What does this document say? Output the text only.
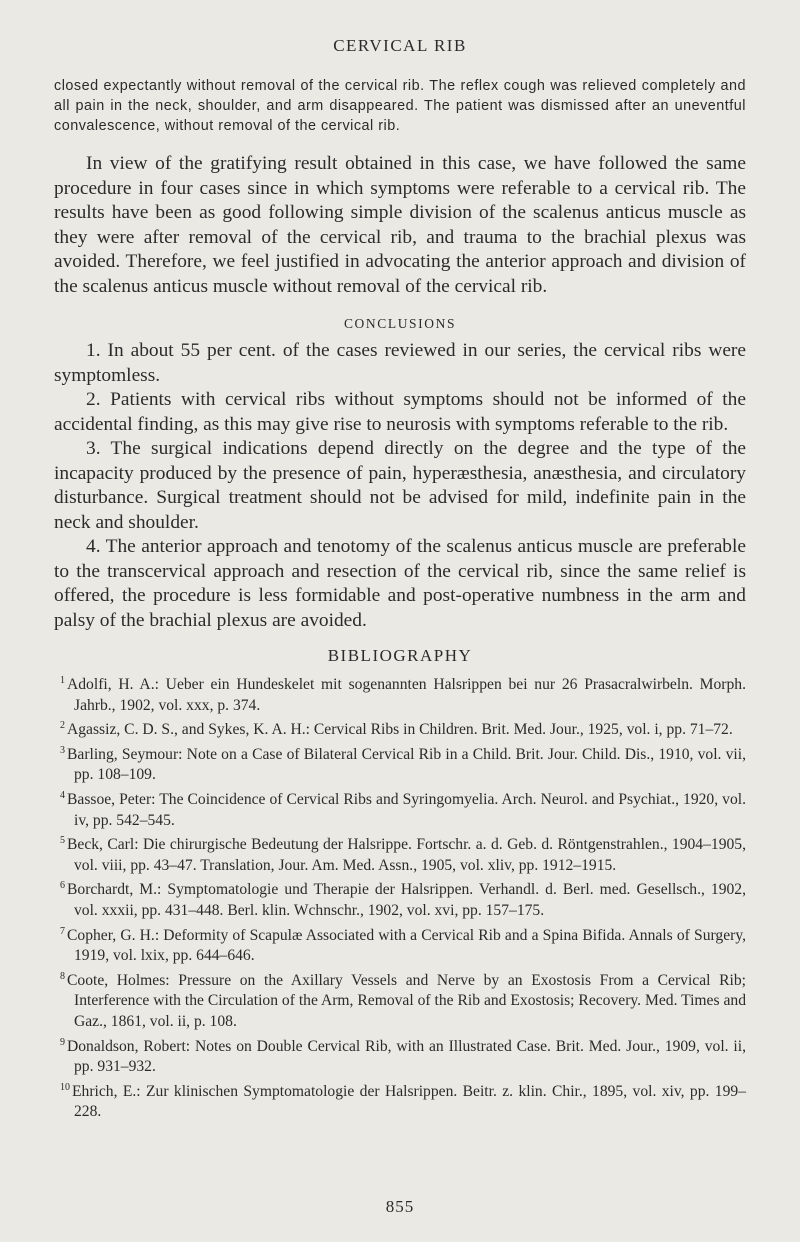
CERVICAL RIB

closed expectantly without removal of the cervical rib. The reflex cough was relieved completely and all pain in the neck, shoulder, and arm disappeared. The patient was dismissed after an uneventful convalescence, without removal of the cervical rib.

In view of the gratifying result obtained in this case, we have followed the same procedure in four cases since in which symptoms were referable to a cervical rib. The results have been as good following simple division of the scalenus anticus muscle as they were after removal of the cervical rib, and trauma to the brachial plexus was avoided. Therefore, we feel justified in advocating the anterior approach and division of the scalenus anticus muscle without removal of the cervical rib.

CONCLUSIONS

1. In about 55 per cent. of the cases reviewed in our series, the cervical ribs were symptomless.

2. Patients with cervical ribs without symptoms should not be informed of the accidental finding, as this may give rise to neurosis with symptoms referable to the rib.

3. The surgical indications depend directly on the degree and the type of the incapacity produced by the presence of pain, hyperæsthesia, anæsthesia, and circulatory disturbance. Surgical treatment should not be advised for mild, indefinite pain in the neck and shoulder.

4. The anterior approach and tenotomy of the scalenus anticus muscle are preferable to the transcervical approach and resection of the cervical rib, since the same relief is offered, the procedure is less formidable and post-operative numbness in the arm and palsy of the brachial plexus are avoided.

BIBLIOGRAPHY
$^1$ Adolfi, H. A.: Ueber ein Hundeskelet mit sogenannten Halsrippen bei nur 26 Prasacralwirbeln. Morph. Jahrb., 1902, vol. xxx, p. 374.
$^2$ Agassiz, C. D. S., and Sykes, K. A. H.: Cervical Ribs in Children. Brit. Med. Jour., 1925, vol. i, pp. 71–72.
$^3$ Barling, Seymour: Note on a Case of Bilateral Cervical Rib in a Child. Brit. Jour. Child. Dis., 1910, vol. vii, pp. 108–109.
$^4$ Bassoe, Peter: The Coincidence of Cervical Ribs and Syringomyelia. Arch. Neurol. and Psychiat., 1920, vol. iv, pp. 542–545.
$^5$ Beck, Carl: Die chirurgische Bedeutung der Halsrippe. Fortschr. a. d. Geb. d. Röntgenstrahlen., 1904–1905, vol. viii, pp. 43–47. Translation, Jour. Am. Med. Assn., 1905, vol. xliv, pp. 1912–1915.
$^6$ Borchardt, M.: Symptomatologie und Therapie der Halsrippen. Verhandl. d. Berl. med. Gesellsch., 1902, vol. xxxii, pp. 431–448. Berl. klin. Wchnschr., 1902, vol. xvi, pp. 157–175.
$^7$ Copher, G. H.: Deformity of Scapulæ Associated with a Cervical Rib and a Spina Bifida. Annals of Surgery, 1919, vol. lxix, pp. 644–646.
$^8$ Coote, Holmes: Pressure on the Axillary Vessels and Nerve by an Exostosis From a Cervical Rib; Interference with the Circulation of the Arm, Removal of the Rib and Exostosis; Recovery. Med. Times and Gaz., 1861, vol. ii, p. 108.
$^9$ Donaldson, Robert: Notes on Double Cervical Rib, with an Illustrated Case. Brit. Med. Jour., 1909, vol. ii, pp. 931–932.
$^{10}$ Ehrich, E.: Zur klinischen Symptomatologie der Halsrippen. Beitr. z. klin. Chir., 1895, vol. xiv, pp. 199–228.
855
